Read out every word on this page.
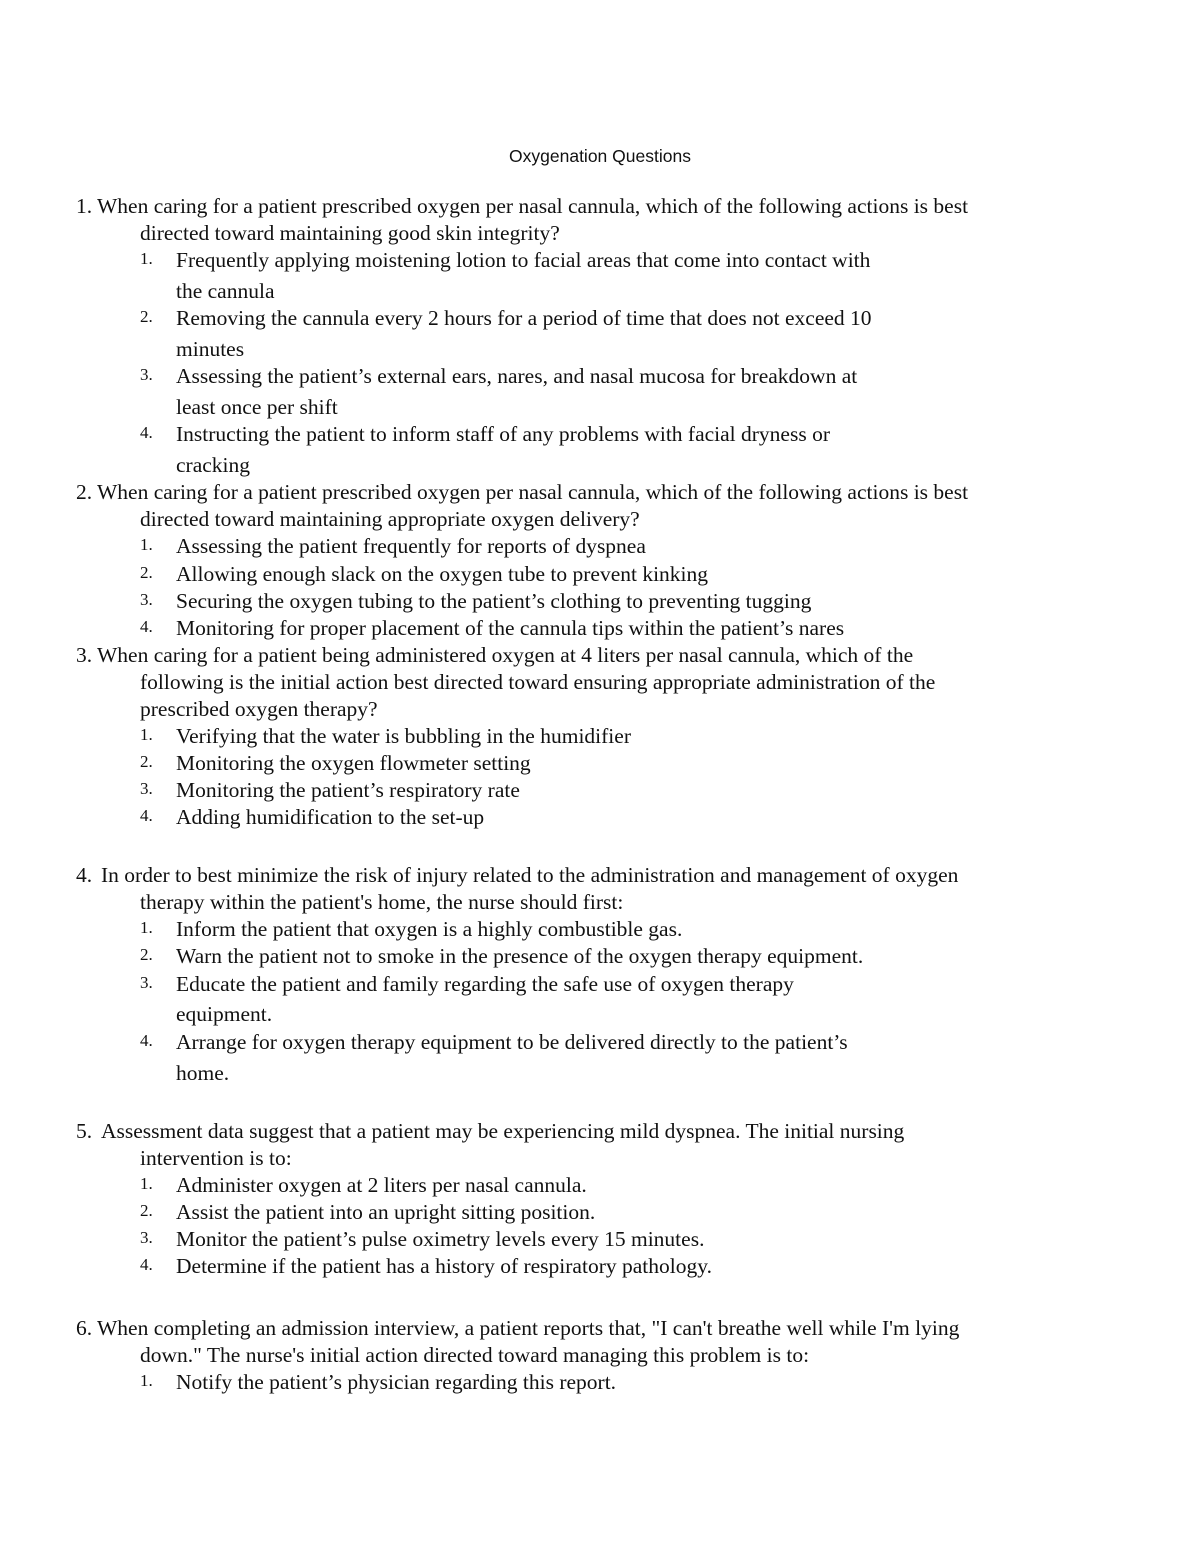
Oxygenation Questions
1. When caring for a patient prescribed oxygen per nasal cannula, which of the following actions is best
directed toward maintaining good skin integrity?
1. Frequently applying moistening lotion to facial areas that come into contact with
the cannula
2. Removing the cannula every 2 hours for a period of time that does not exceed 10
minutes
3. Assessing the patient’s external ears, nares, and nasal mucosa for breakdown at
least once per shift
4. Instructing the patient to inform staff of any problems with facial dryness or
cracking
2. When caring for a patient prescribed oxygen per nasal cannula, which of the following actions is best
directed toward maintaining appropriate oxygen delivery?
1. Assessing the patient frequently for reports of dyspnea
2. Allowing enough slack on the oxygen tube to prevent kinking
3. Securing the oxygen tubing to the patient’s clothing to preventing tugging
4. Monitoring for proper placement of the cannula tips within the patient’s nares
3. When caring for a patient being administered oxygen at 4 liters per nasal cannula, which of the
following is the initial action best directed toward ensuring appropriate administration of the
prescribed oxygen therapy?
1. Verifying that the water is bubbling in the humidifier
2. Monitoring the oxygen flowmeter setting
3. Monitoring the patient’s respiratory rate
4. Adding humidification to the set-up
4. In order to best minimize the risk of injury related to the administration and management of oxygen
therapy within the patient's home, the nurse should first:
1. Inform the patient that oxygen is a highly combustible gas.
2. Warn the patient not to smoke in the presence of the oxygen therapy equipment.
3. Educate the patient and family regarding the safe use of oxygen therapy
equipment.
4. Arrange for oxygen therapy equipment to be delivered directly to the patient’s
home.
5. Assessment data suggest that a patient may be experiencing mild dyspnea. The initial nursing
intervention is to:
1. Administer oxygen at 2 liters per nasal cannula.
2. Assist the patient into an upright sitting position.
3. Monitor the patient’s pulse oximetry levels every 15 minutes.
4. Determine if the patient has a history of respiratory pathology.
6. When completing an admission interview, a patient reports that, "I can't breathe well while I'm lying
down." The nurse's initial action directed toward managing this problem is to:
1. Notify the patient’s physician regarding this report.
